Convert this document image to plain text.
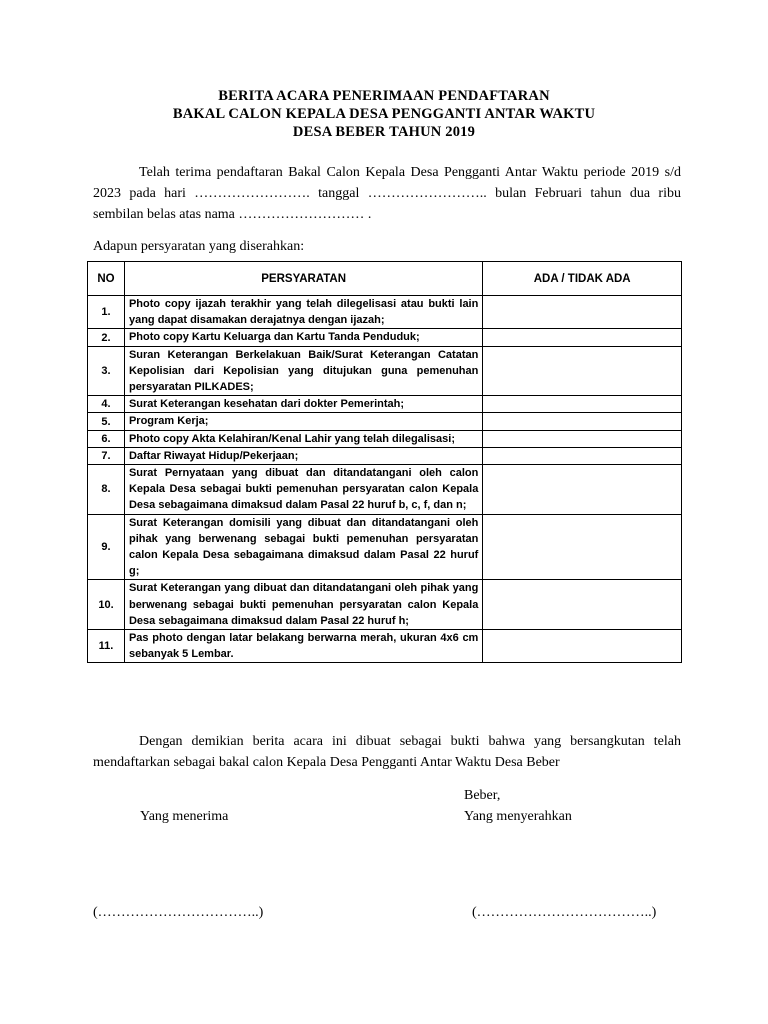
BERITA ACARA PENERIMAAN PENDAFTARAN
BAKAL CALON KEPALA DESA PENGGANTI ANTAR WAKTU
DESA BEBER TAHUN 2019
Telah terima pendaftaran Bakal Calon Kepala Desa Pengganti Antar Waktu periode 2019 s/d 2023 pada hari ……………………. tanggal …………………….. bulan Februari tahun dua ribu sembilan belas atas nama ……………………… .
Adapun persyaratan yang diserahkan:
NO	PERSYARATAN	ADA / TIDAK ADA
1.	Photo copy ijazah terakhir yang telah dilegelisasi atau bukti lain yang dapat disamakan derajatnya dengan ijazah;	
2.	Photo copy Kartu Keluarga dan Kartu Tanda Penduduk;	
3.	Suran Keterangan Berkelakuan Baik/Surat Keterangan Catatan Kepolisian dari Kepolisian yang ditujukan guna pemenuhan persyaratan PILKADES;	
4.	Surat Keterangan kesehatan dari dokter Pemerintah;	
5.	Program Kerja;	
6.	Photo copy Akta Kelahiran/Kenal Lahir yang telah dilegalisasi;	
7.	Daftar Riwayat Hidup/Pekerjaan;	
8.	Surat Pernyataan yang dibuat dan ditandatangani oleh calon Kepala Desa sebagai bukti pemenuhan persyaratan calon Kepala Desa sebagaimana dimaksud dalam Pasal 22 huruf b, c, f, dan n;	
9.	Surat Keterangan domisili yang dibuat dan ditandatangani oleh pihak yang berwenang sebagai bukti pemenuhan persyaratan calon Kepala Desa sebagaimana dimaksud dalam Pasal 22 huruf g;	
10.	Surat Keterangan yang dibuat dan ditandatangani oleh pihak yang berwenang sebagai bukti pemenuhan persyaratan calon Kepala Desa sebagaimana dimaksud dalam Pasal 22 huruf h;	
11.	Pas photo dengan latar belakang berwarna merah, ukuran 4x6 cm sebanyak 5 Lembar.	
Dengan demikian berita acara ini dibuat sebagai bukti bahwa yang bersangkutan telah mendaftarkan sebagai bakal calon Kepala Desa Pengganti Antar Waktu Desa Beber
Beber,
Yang menerima	Yang menyerahkan
(……………………………..)	(………………………………..)
